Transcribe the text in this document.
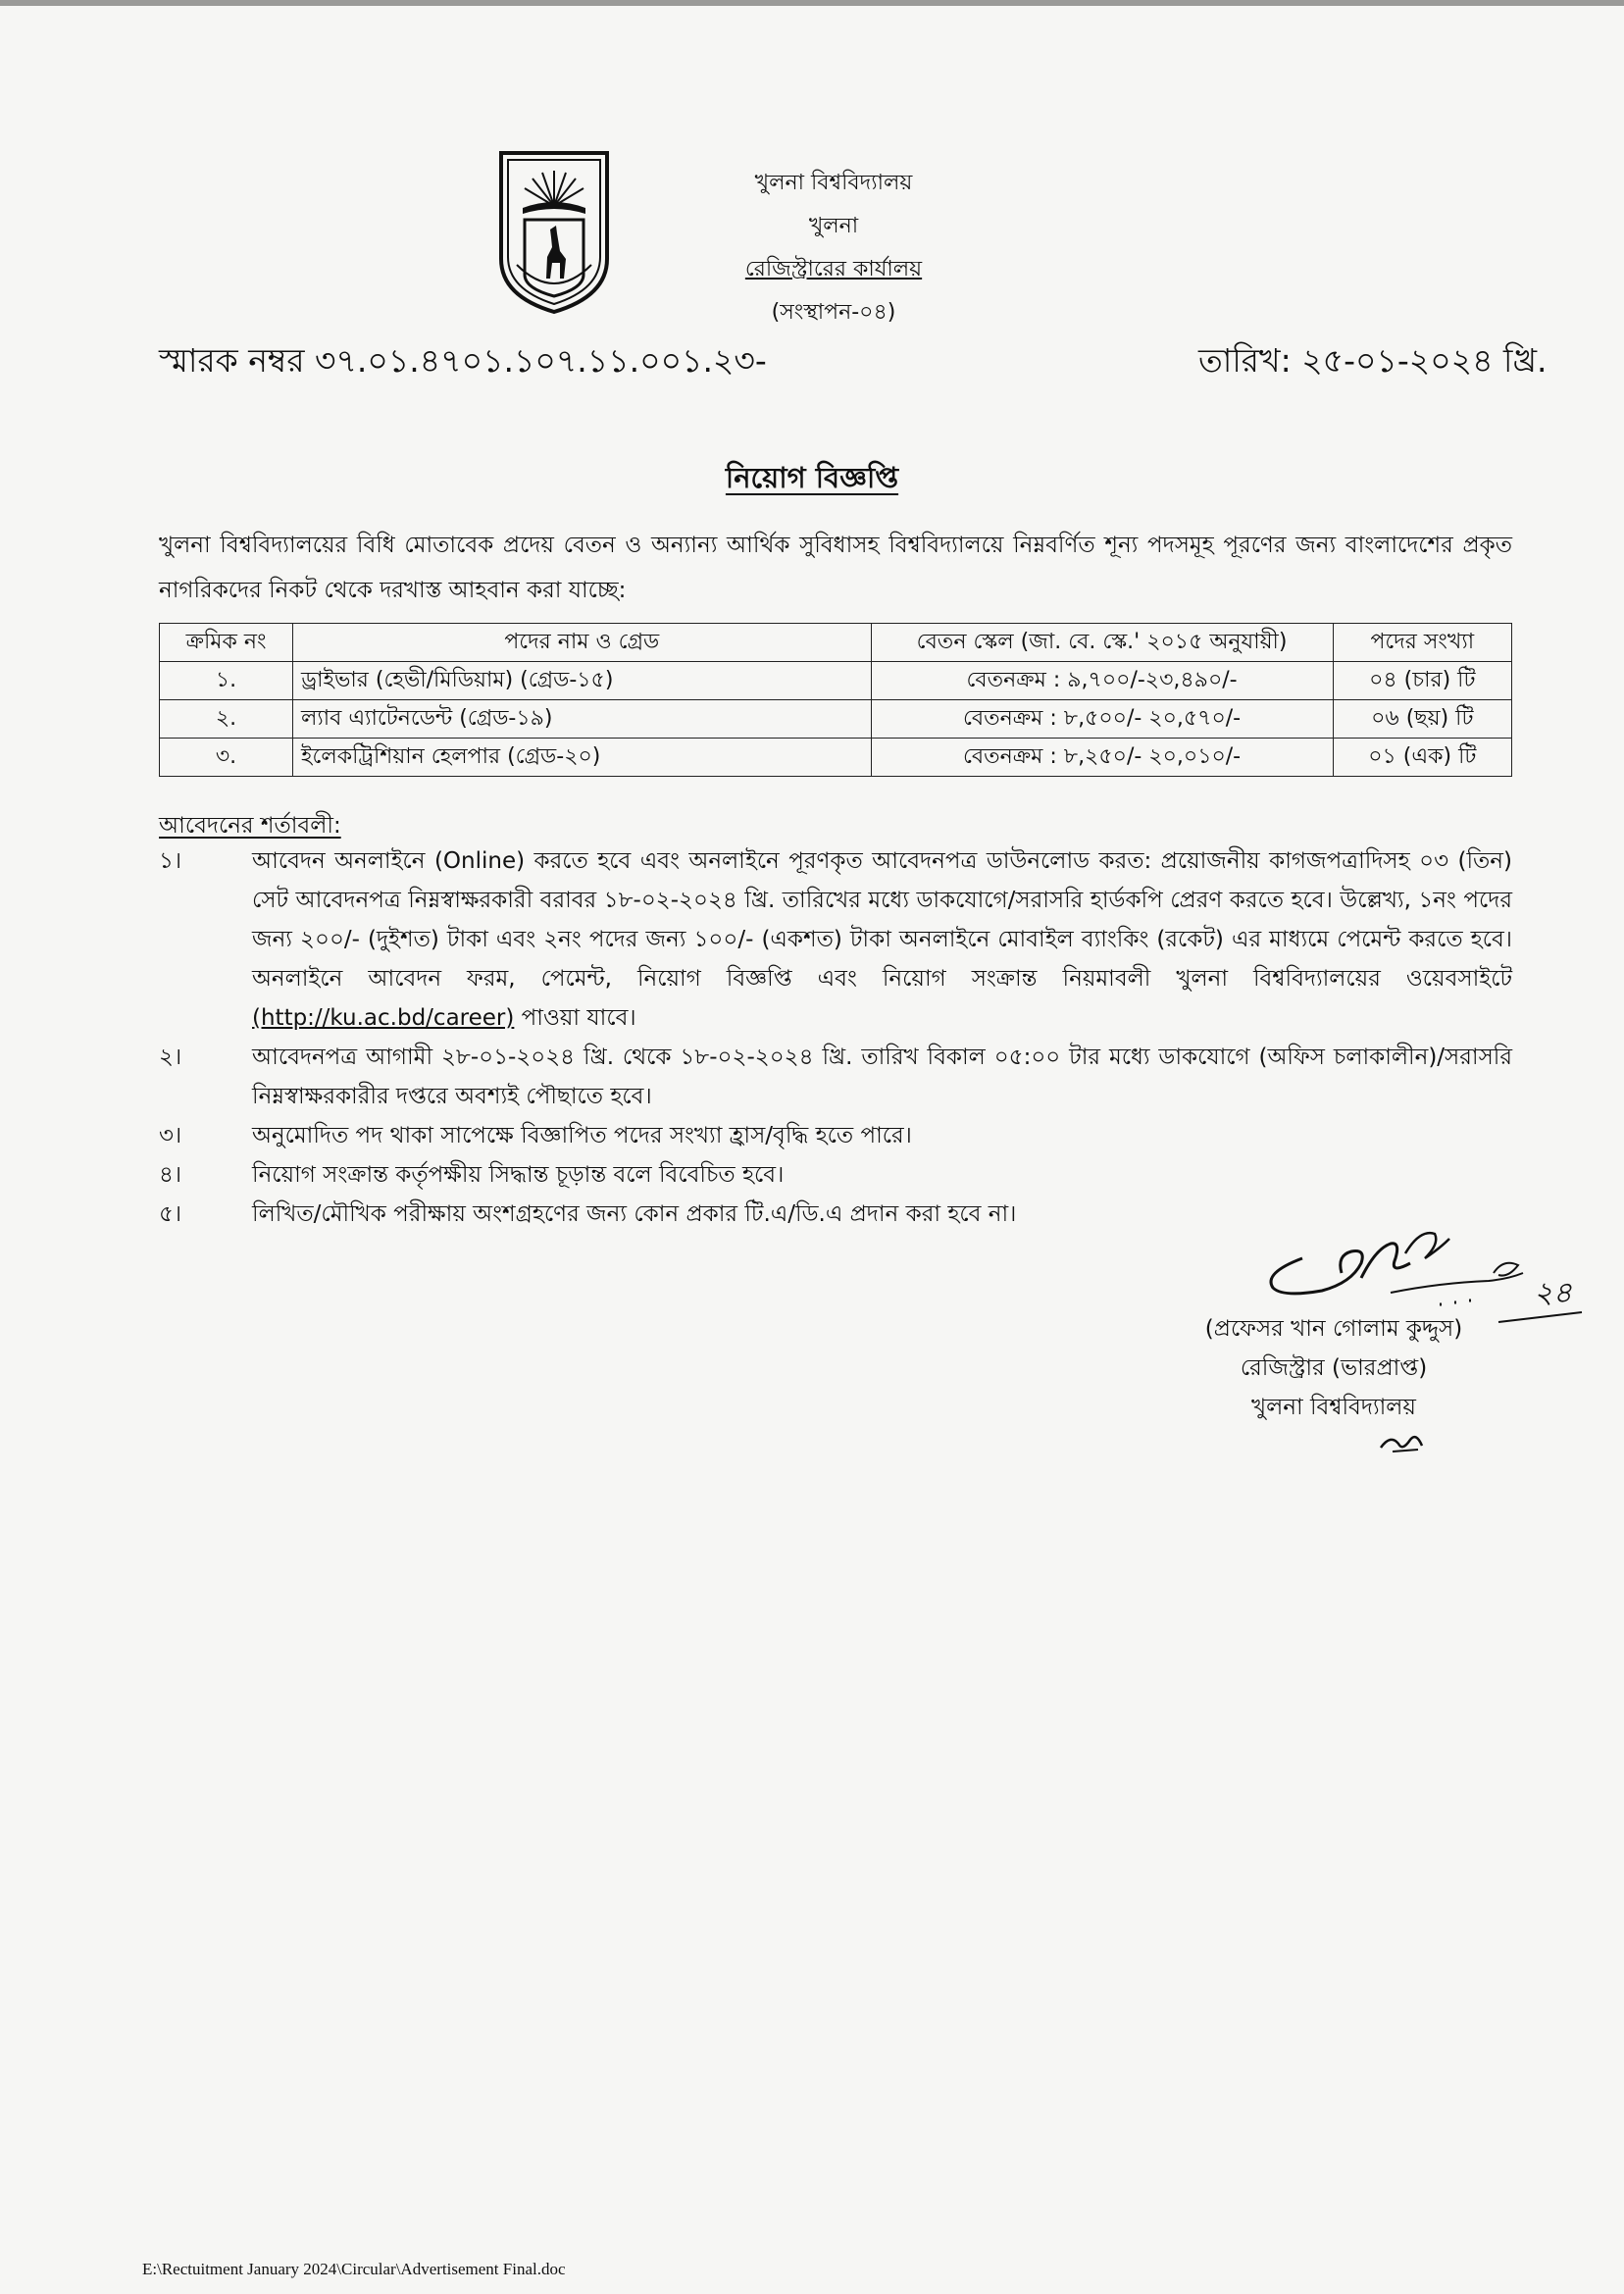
খুলনা বিশ্ববিদ্যালয়
খুলনা
রেজিস্ট্রারের কার্যালয়
(সংস্থাপন-০৪)
স্মারক নম্বর ৩৭.০১.৪৭০১.১০৭.১১.০০১.২৩-	তারিখ: ২৫-০১-২০২৪ খ্রি.
নিয়োগ বিজ্ঞপ্তি
খুলনা বিশ্ববিদ্যালয়ের বিধি মোতাবেক প্রদেয় বেতন ও অন্যান্য আর্থিক সুবিধাসহ বিশ্ববিদ্যালয়ে নিম্নবর্ণিত শূন্য পদসমূহ পূরণের জন্য বাংলাদেশের প্রকৃত নাগরিকদের নিকট থেকে দরখাস্ত আহবান করা যাচ্ছে:
ক্রমিক নং	পদের নাম ও গ্রেড	বেতন স্কেল (জা. বে. স্কে.' ২০১৫ অনুযায়ী)	পদের সংখ্যা
১.	ড্রাইভার (হেভী/মিডিয়াম) (গ্রেড-১৫)	বেতনক্রম : ৯,৭০০/-২৩,৪৯০/-	০৪ (চার) টি
২.	ল্যাব এ্যাটেনডেন্ট (গ্রেড-১৯)	বেতনক্রম : ৮,৫০০/- ২০,৫৭০/-	০৬ (ছয়) টি
৩.	ইলেকট্রিশিয়ান হেলপার (গ্রেড-২০)	বেতনক্রম : ৮,২৫০/- ২০,০১০/-	০১ (এক) টি
আবেদনের শর্তাবলী:
১।	আবেদন অনলাইনে (Online) করতে হবে এবং অনলাইনে পূরণকৃত আবেদনপত্র ডাউনলোড করত: প্রয়োজনীয় কাগজপত্রাদিসহ ০৩ (তিন) সেট আবেদনপত্র নিম্নস্বাক্ষরকারী বরাবর ১৮-০২-২০২৪ খ্রি. তারিখের মধ্যে ডাকযোগে/সরাসরি হার্ডকপি প্রেরণ করতে হবে। উল্লেখ্য, ১নং পদের জন্য ২০০/- (দুইশত) টাকা এবং ২নং পদের জন্য ১০০/- (একশত) টাকা অনলাইনে মোবাইল ব্যাংকিং (রকেট) এর মাধ্যমে পেমেন্ট করতে হবে। অনলাইনে আবেদন ফরম, পেমেন্ট, নিয়োগ বিজ্ঞপ্তি এবং নিয়োগ সংক্রান্ত নিয়মাবলী খুলনা বিশ্ববিদ্যালয়ের ওয়েবসাইটে (http://ku.ac.bd/career) পাওয়া যাবে।
২।	আবেদনপত্র আগামী ২৮-০১-২০২৪ খ্রি. থেকে ১৮-০২-২০২৪ খ্রি. তারিখ বিকাল ০৫:০০ টার মধ্যে ডাকযোগে (অফিস চলাকালীন)/সরাসরি নিম্নস্বাক্ষরকারীর দপ্তরে অবশ্যই পৌছাতে হবে।
৩।	অনুমোদিত পদ থাকা সাপেক্ষে বিজ্ঞাপিত পদের সংখ্যা হ্রাস/বৃদ্ধি হতে পারে।
৪।	নিয়োগ সংক্রান্ত কর্তৃপক্ষীয় সিদ্ধান্ত চূড়ান্ত বলে বিবেচিত হবে।
৫।	লিখিত/মৌখিক পরীক্ষায় অংশগ্রহণের জন্য কোন প্রকার টি.এ/ডি.এ প্রদান করা হবে না।
২৪
(প্রফেসর খান গোলাম কুদ্দুস)
রেজিস্ট্রার (ভারপ্রাপ্ত)
খুলনা বিশ্ববিদ্যালয়
E:\Rectuitment January 2024\Circular\Advertisement Final.doc
